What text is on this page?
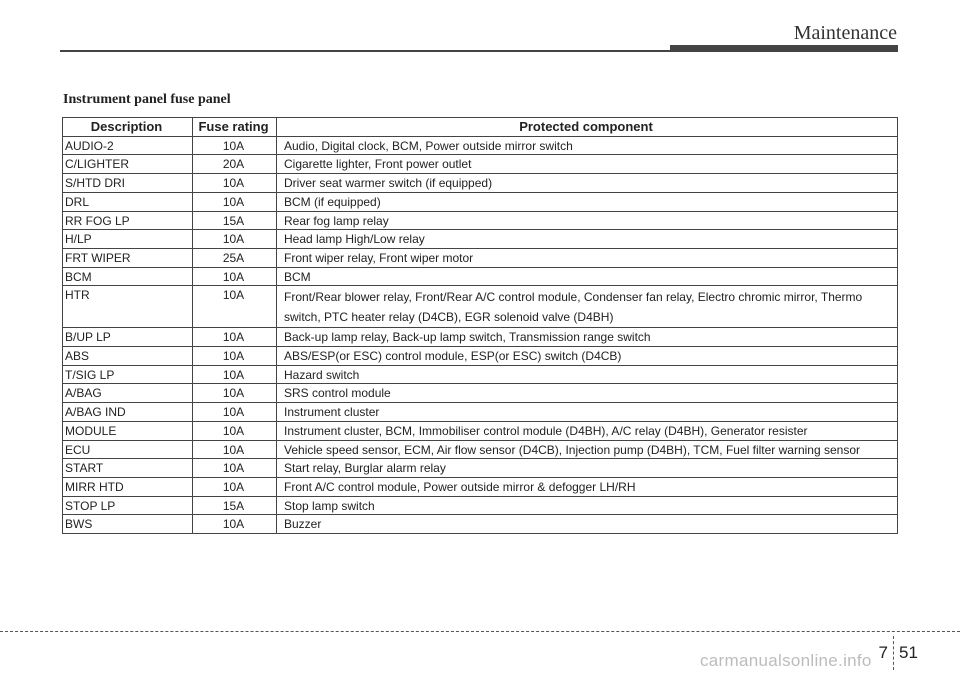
Maintenance
Instrument panel fuse panel
Description	Fuse rating	Protected component
AUDIO-2	10A	Audio, Digital clock, BCM, Power outside mirror switch
C/LIGHTER	20A	Cigarette lighter, Front power outlet
S/HTD DRI	10A	Driver seat warmer switch (if equipped)
DRL	10A	BCM (if equipped)
RR FOG LP	15A	Rear fog lamp relay
H/LP	10A	Head lamp High/Low relay
FRT WIPER	25A	Front wiper relay, Front wiper motor
BCM	10A	BCM
HTR	10A	Front/Rear blower relay, Front/Rear A/C control module, Condenser fan relay, Electro chromic mirror, Thermo switch, PTC heater relay (D4CB), EGR solenoid valve (D4BH)
B/UP LP	10A	Back-up lamp relay, Back-up lamp switch, Transmission range switch
ABS	10A	ABS/ESP(or ESC) control module, ESP(or ESC) switch (D4CB)
T/SIG LP	10A	Hazard switch
A/BAG	10A	SRS control module
A/BAG IND	10A	Instrument cluster
MODULE	10A	Instrument cluster, BCM, Immobiliser control module (D4BH), A/C relay (D4BH), Generator resister
ECU	10A	Vehicle speed sensor, ECM, Air flow sensor (D4CB), Injection pump (D4BH), TCM, Fuel filter warning sensor
START	10A	Start relay, Burglar alarm relay
MIRR HTD	10A	Front A/C control module, Power outside mirror & defogger LH/RH
STOP LP	15A	Stop lamp switch
BWS	10A	Buzzer
7 51
carmanualsonline.info
